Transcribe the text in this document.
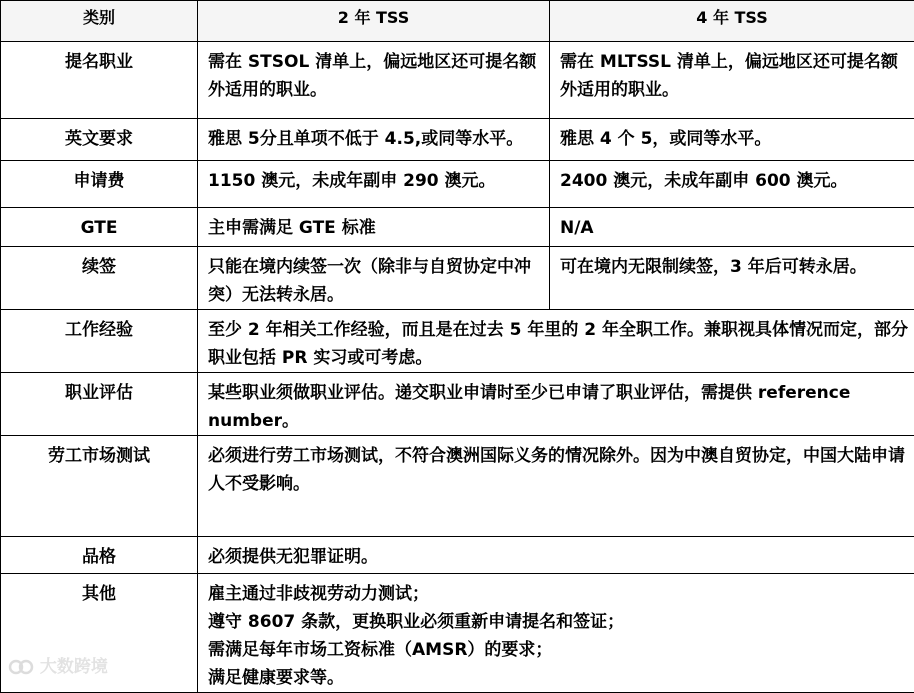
类别	2 年 TSS	4 年 TSS
提名职业	需在 STSOL 清单上，偏远地区还可提名额外适用的职业。	需在 MLTSSL 清单上，偏远地区还可提名额外适用的职业。
英文要求	雅思 5分且单项不低于 4.5,或同等水平。	雅思 4 个 5，或同等水平。
申请费	1150 澳元，未成年副申 290 澳元。	2400 澳元，未成年副申 600 澳元。
GTE	主申需满足 GTE 标准	N/A
续签	只能在境内续签一次（除非与自贸协定中冲突）无法转永居。	可在境内无限制续签，3 年后可转永居。
工作经验	至少 2 年相关工作经验，而且是在过去 5 年里的 2 年全职工作。兼职视具体情况而定，部分职业包括 PR 实习或可考虑。	
职业评估	某些职业须做职业评估。递交职业申请时至少已申请了职业评估，需提供 reference number。	
劳工市场测试	必须进行劳工市场测试，不符合澳洲国际义务的情况除外。因为中澳自贸协定，中国大陆申请人不受影响。	
品格	必须提供无犯罪证明。	
其他	雇主通过非歧视劳动力测试；
遵守 8607 条款，更换职业必须重新申请提名和签证；
需满足每年市场工资标准（AMSR）的要求；
满足健康要求等。	
大数跨境
